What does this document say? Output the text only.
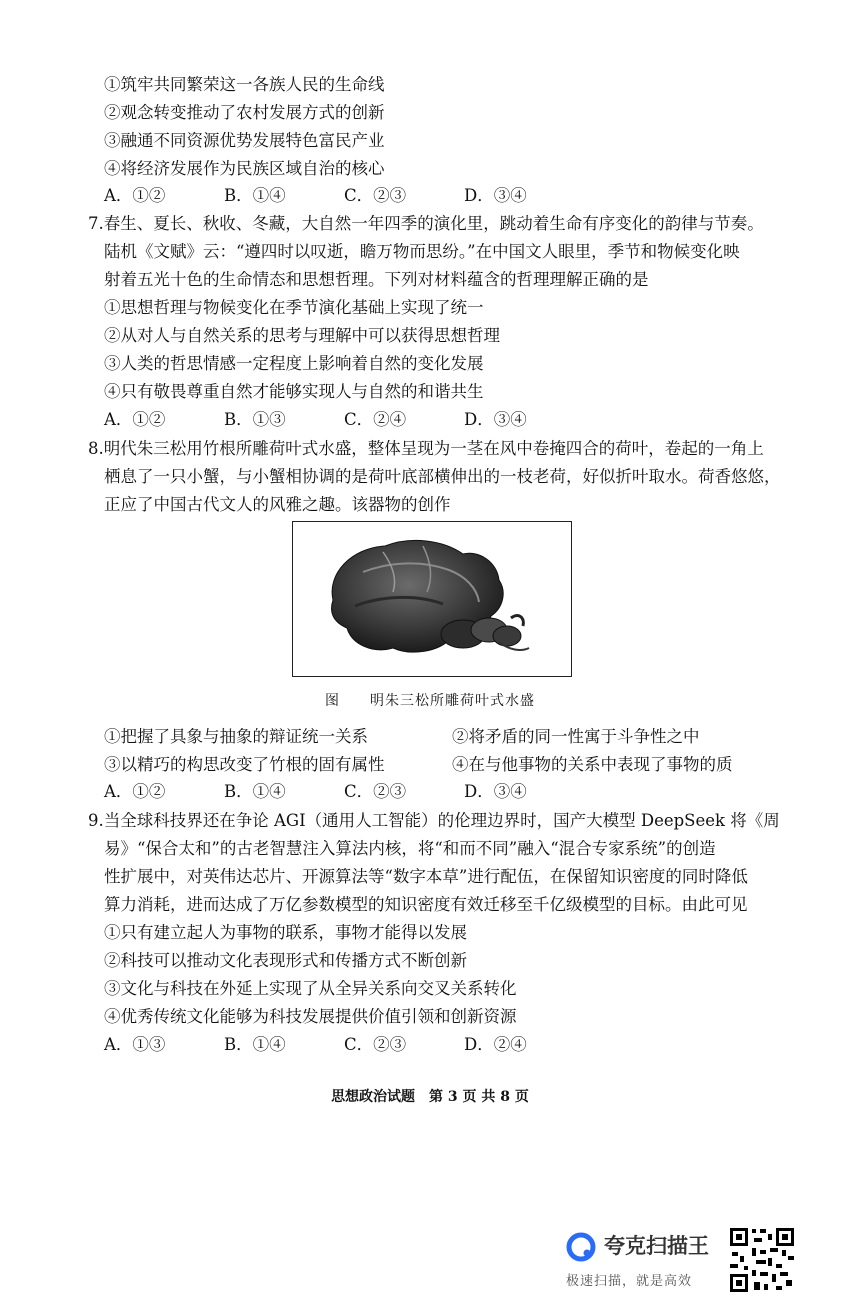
①筑牢共同繁荣这一各族人民的生命线
②观念转变推动了农村发展方式的创新
③融通不同资源优势发展特色富民产业
④将经济发展作为民族区域自治的核心
A．①②	B．①④	C．②③	D．③④
7.春生、夏长、秋收、冬藏，大自然一年四季的演化里，跳动着生命有序变化的韵律与节奏。
陆机《文赋》云：“遵四时以叹逝，瞻万物而思纷。”在中国文人眼里，季节和物候变化映
射着五光十色的生命情态和思想哲理。下列对材料蕴含的哲理理解正确的是
①思想哲理与物候变化在季节演化基础上实现了统一
②从对人与自然关系的思考与理解中可以获得思想哲理
③人类的哲思情感一定程度上影响着自然的变化发展
④只有敬畏尊重自然才能够实现人与自然的和谐共生
A．①②	B．①③	C．②④	D．③④
8.明代朱三松用竹根所雕荷叶式水盛，整体呈现为一茎在风中卷掩四合的荷叶，卷起的一角上
栖息了一只小蟹，与小蟹相协调的是荷叶底部横伸出的一枝老荷，好似折叶取水。荷香悠悠，
正应了中国古代文人的风雅之趣。该器物的创作
图　　明朱三松所雕荷叶式水盛
①把握了具象与抽象的辩证统一关系	②将矛盾的同一性寓于斗争性之中
③以精巧的构思改变了竹根的固有属性	④在与他事物的关系中表现了事物的质
A．①②	B．①④	C．②③	D．③④
9.当全球科技界还在争论 AGI（通用人工智能）的伦理边界时，国产大模型 DeepSeek 将《周
易》“保合太和”的古老智慧注入算法内核，将“和而不同”融入“混合专家系统”的创造
性扩展中，对英伟达芯片、开源算法等“数字本草”进行配伍，在保留知识密度的同时降低
算力消耗，进而达成了万亿参数模型的知识密度有效迁移至千亿级模型的目标。由此可见
①只有建立起人为事物的联系，事物才能得以发展
②科技可以推动文化表现形式和传播方式不断创新
③文化与科技在外延上实现了从全异关系向交叉关系转化
④优秀传统文化能够为科技发展提供价值引领和创新资源
A．①③	B．①④	C．②③	D．②④
思想政治试题　第 3 页 共 8 页
夸克扫描王
极速扫描，就是高效
